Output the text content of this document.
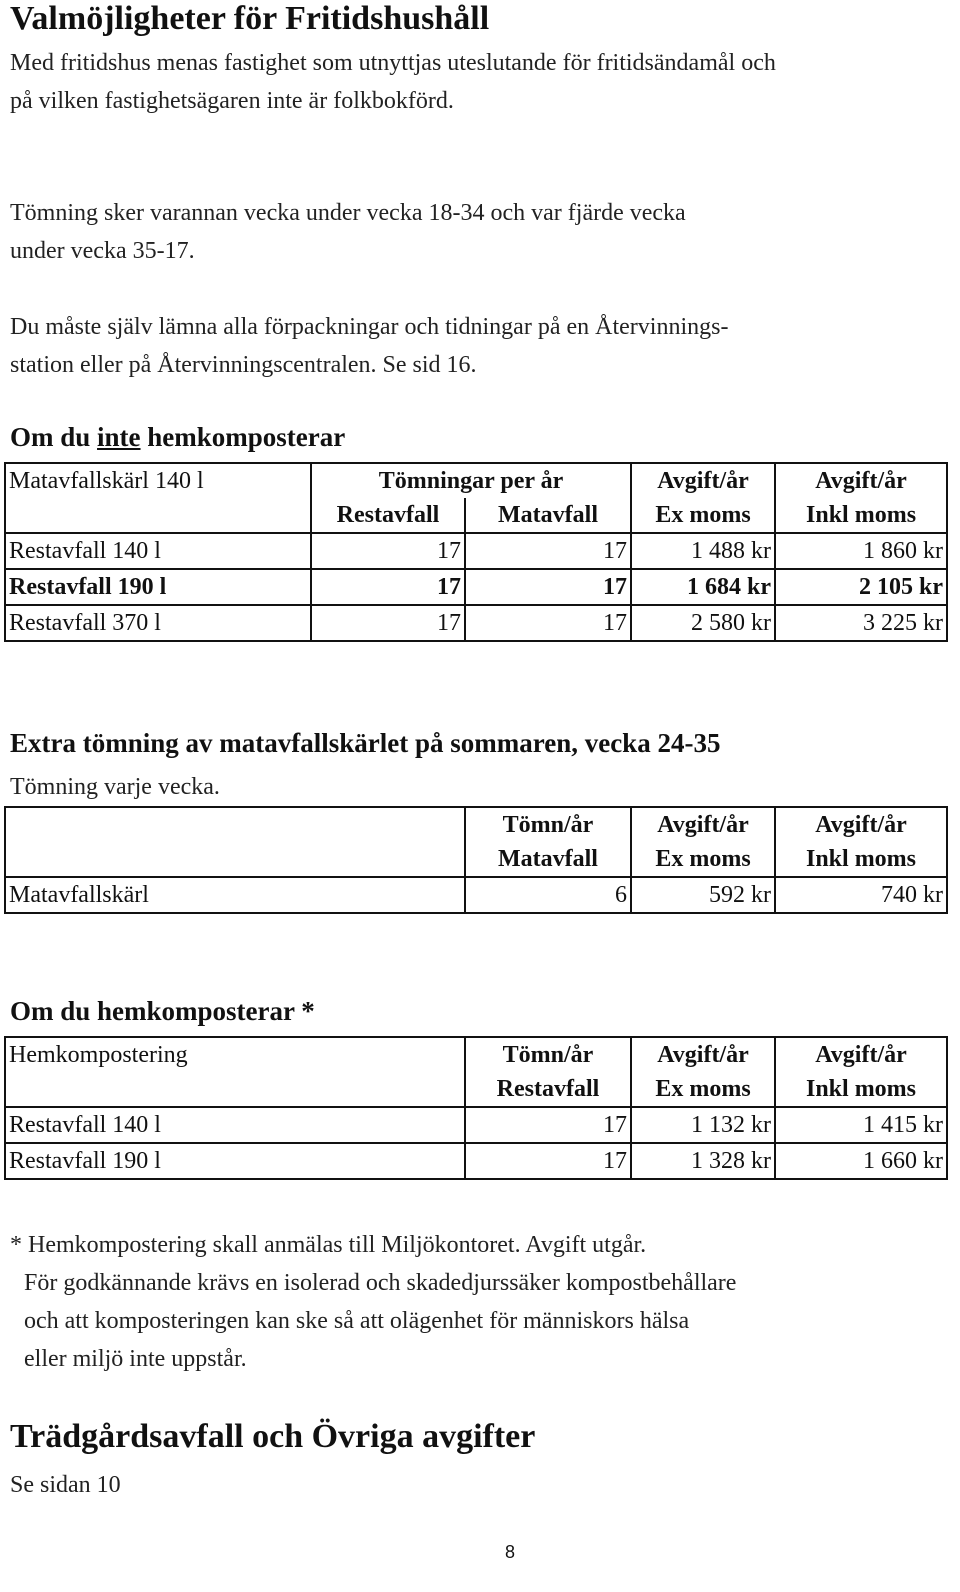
Valmöjligheter för Fritidshushåll
Med fritidshus menas fastighet som utnyttjas uteslutande för fritidsändamål och
på vilken fastighetsägaren inte är folkbokförd.
Tömning sker varannan vecka under vecka 18-34 och var fjärde vecka
under vecka 35-17.
Du måste själv lämna alla förpackningar och tidningar på en Återvinnings-
station eller på Återvinningscentralen. Se sid 16.
Om du inte hemkomposterar
Matavfallskärl 140 l	Tömningar per år		Avgift/år	Avgift/år
	Restavfall	Matavfall	Ex moms	Inkl moms
Restavfall 140 l	17	17	1 488 kr	1 860 kr
Restavfall 190 l	17	17	1 684 kr	2 105 kr
Restavfall 370 l	17	17	2 580 kr	3 225 kr
Extra tömning av matavfallskärlet på sommaren, vecka 24-35
Tömning varje vecka.
	Tömn/år	Avgift/år	Avgift/år
	Matavfall	Ex moms	Inkl moms
Matavfallskärl	6	592 kr	740 kr
Om du hemkomposterar *
Hemkompostering	Tömn/år	Avgift/år	Avgift/år
	Restavfall	Ex moms	Inkl moms
Restavfall 140 l	17	1 132 kr	1 415 kr
Restavfall 190 l	17	1 328 kr	1 660 kr
* Hemkompostering skall anmälas till Miljökontoret. Avgift utgår.
För godkännande krävs en isolerad och skadedjurssäker kompostbehållare
och att komposteringen kan ske så att olägenhet för människors hälsa
eller miljö inte uppstår.
Trädgårdsavfall och Övriga avgifter
Se sidan 10
8
